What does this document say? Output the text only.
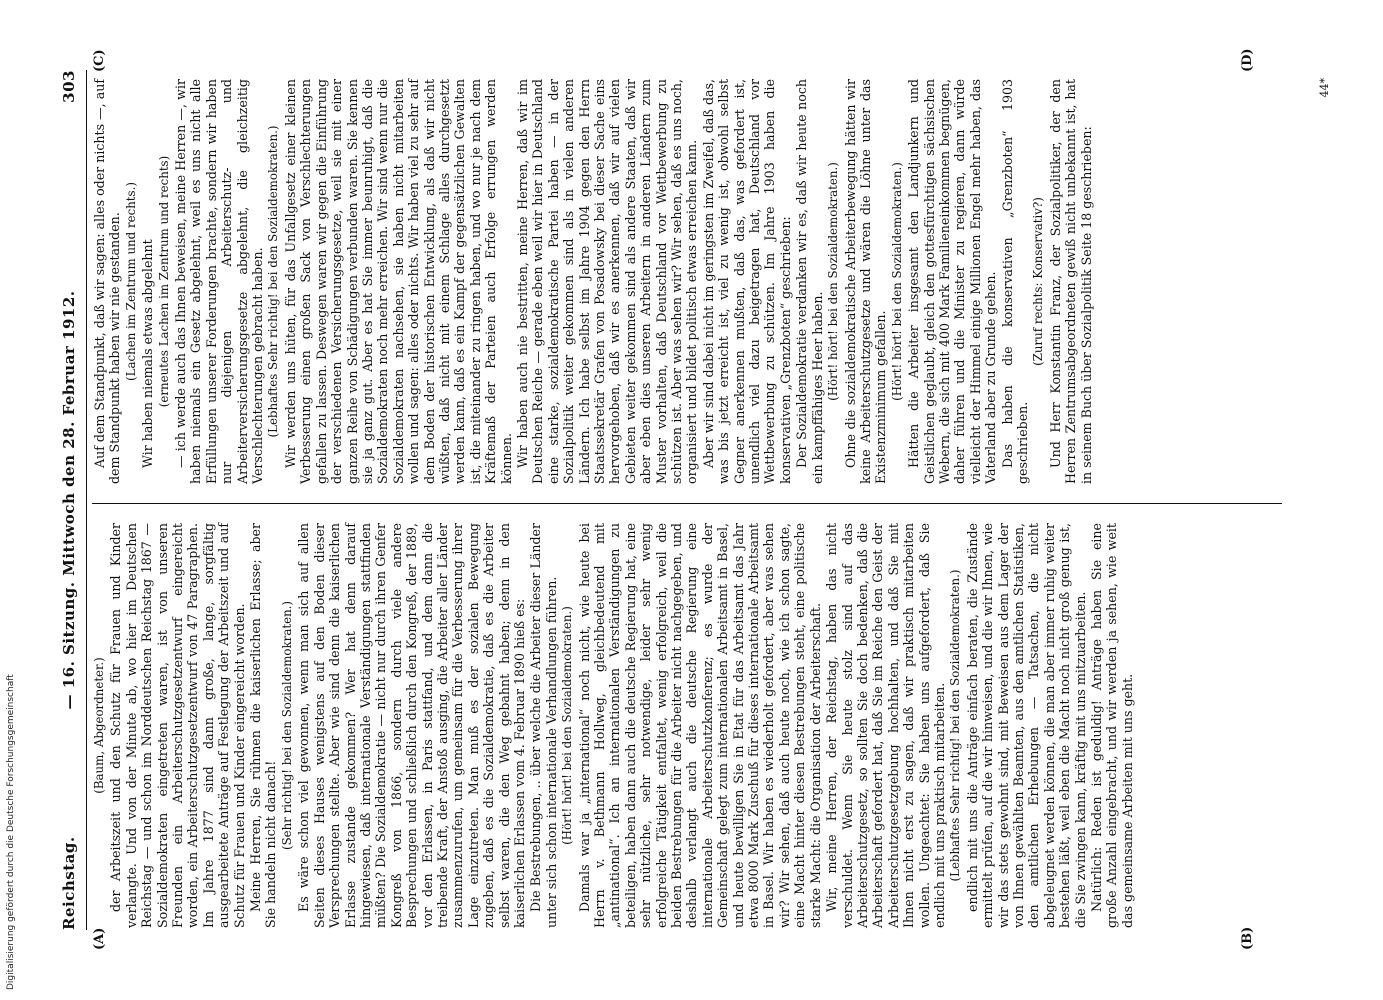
Reichstag.
— 16. Sitzung. Mittwoch den 28. Februar 1912.
303
(A)	(B)
(C)	(D)

(Baum, Abgeordneter.) der Arbeitszeit und den Schutz für Frauen und Kinder verlangte. Und von der Minute ab, wo hier im Deutschen Reichstag — und schon im Norddeutschen Reichstag 1867 — Sozialdemokraten eingetreten waren, ist von unseren Freunden ein Arbeiterschutzgesetzentwurf eingereicht worden, ein Arbeiterschutzgesetzentwurf von 47 Paragraphen. Im Jahre 1877 sind dann große, lange, sorgfältig ausgearbeitete Anträge auf Festlegung der Arbeitszeit und auf Schutz für Frauen und Kinder eingereicht worden. Meine Herren, Sie rühmen die kaiserlichen Erlasse; aber Sie handeln nicht danach! (Sehr richtig! bei den Sozialdemokraten.) Es wäre schon viel gewonnen, wenn man sich auf allen Seiten dieses Hauses wenigstens auf den Boden dieser Versprechungen stellte. Aber wie sind denn die kaiserlichen Erlasse zustande gekommen? Wer hat denn darauf hingewiesen, daß internationale Verständigungen stattfinden müßten? Die Sozialdemokratie — nicht nur durch ihren Genfer Kongreß von 1866, sondern durch viele andere Besprechungen und schließlich durch den Kongreß, der 1889, vor den Erlassen, in Paris stattfand, und dem dann die treibende Kraft, der Anstoß ausging, die Arbeiter aller Länder zusammenzurufen, um gemeinsam für die Verbesserung ihrer Lage einzutreten. Man muß es der sozialen Bewegung zugeben, daß es die Sozialdemokratie, daß es die Arbeiter selbst waren, die den Weg gebahnt haben; denn in den kaiserlichen Erlassen vom 4. Februar 1890 hieß es: Die Bestrebungen, .. über welche die Arbeiter dieser Länder unter sich schon internationale Verhandlungen führen. (Hört! hört! bei den Sozialdemokraten.) Damals war ja „international“ noch nicht, wie heute bei Herrn v. Bethmann Hollweg, gleichbedeutend mit „antinational“. Ich an internationalen Verständigungen zu beteiligen, haben dann auch die deutsche Regierung hat, eine sehr nützliche, sehr notwendige, leider sehr wenig erfolgreiche Tätigkeit entfaltet, wenig erfolgreich, weil die beiden Bestrebungen für die Arbeiter nicht nachgegeben, und deshalb verlangt auch die deutsche Regierung eine internationale Arbeiterschutzkonferenz; es wurde der Gemeinschaft gelegt zum internationalen Arbeitsamt in Basel, und heute bewilligen Sie in Etat für das Arbeitsamt das Jahr etwa 8000 Mark Zuschuß für dieses internationale Arbeitsamt in Basel. Wir haben es wiederholt gefordert, aber was sehen wir? Wir sehen, daß auch heute noch, wie ich schon sagte, eine Macht hinter diesen Bestrebungen steht, eine politische starke Macht: die Organisation der Arbeiterschaft. Wir, meine Herren, der Reichstag, haben das nicht verschuldet. Wenn Sie heute stolz sind auf das Arbeiterschutzgesetz, so sollten Sie doch bedenken, daß die Arbeiterschaft gefordert hat, daß Sie im Reiche den Geist der Arbeiterschutzgesetzgebung hochhalten, und daß Sie mit Ihnen nicht erst zu sagen, daß wir praktisch mitarbeiten wollen. Ungeachtet: Sie haben uns aufgefordert, daß Sie endlich mit uns praktisch mitarbeiten. (Lebhaftes Sehr richtig! bei den Sozialdemokraten.) endlich mit uns die Anträge einfach beraten, die Zustände ermittelt prüfen, auf die wir hinweisen, und die wir Ihnen, wie wir das stets gewohnt sind, mit Beweisen aus dem Lager der von Ihnen gewählten Beamten, aus den amtlichen Statistiken, den amtlichen Erhebungen — Tatsachen, die nicht abgeleugnet werden können, die man aber immer ruhig weiter bestehen läßt, weil eben die Macht noch nicht groß genug ist, die Sie zwingen kann, kräftig mit uns mitzuarbeiten. Natürlich: Reden ist geduldig! Anträge haben Sie eine große Anzahl eingebracht, und wir werden ja sehen, wie weit das gemeinsame Arbeiten mit uns geht.

Auf dem Standpunkt, daß wir sagen: alles oder nichts —, auf dem Standpunkt haben wir nie gestanden. (Lachen im Zentrum und rechts.) Wir haben niemals etwas abgelehnt (erneutes Lachen im Zentrum und rechts) — ich werde auch das Ihnen beweisen, meine Herren —, wir haben niemals ein Gesetz abgelehnt, weil es uns nicht alle Erfüllungen unserer Forderungen brachte, sondern wir haben nur diejenigen Arbeiterschutz- und Arbeiterversicherungsgesetze abgelehnt, die gleichzeitig Verschlechterungen gebracht haben. (Lebhaftes Sehr richtig! bei den Sozialdemokraten.) Wir werden uns hüten, für das Unfallgesetz einer kleinen Verbesserung einen großen Sack von Verschlechterungen gefallen zu lassen. Deswegen waren wir gegen die Einführung der verschiedenen Versicherungsgesetze, weil sie mit einer ganzen Reihe von Schädigungen verbunden waren. Sie kennen sie ja ganz gut. Aber es hat Sie immer beunruhigt, daß die Sozialdemokraten noch mehr erreichen. Wir sind wenn nur die Sozialdemokraten nachsehen, sie haben nicht mitarbeiten wollen und sagen: alles oder nichts. Wir haben viel zu sehr auf dem Boden der historischen Entwicklung, als daß wir nicht wüßten, daß nicht mit einem Schlage alles durchgesetzt werden kann, daß es ein Kampf der gegensätzlichen Gewalten ist, die miteinander zu ringen haben, und wo nur je nach dem Kräftemaß der Parteien auch Erfolge errungen werden können. Wir haben auch nie bestritten, meine Herren, daß wir im Deutschen Reiche — gerade eben weil wir hier in Deutschland eine starke, sozialdemokratische Partei haben — in der Sozialpolitik weiter gekommen sind als in vielen anderen Ländern. Ich habe selbst im Jahre 1904 gegen den Herrn Staatssekretär Grafen von Posadowsky bei dieser Sache eins hervorgehoben, daß wir es anerkennen, daß wir auf vielen Gebieten weiter gekommen sind als andere Staaten, daß wir aber eben dies unseren Arbeitern in anderen Ländern zum Muster vorhalten, daß Deutschland vor Wettbewerbung zu schützen ist. Aber was sehen wir? Wir sehen, daß es uns noch, organisiert und bildet politisch etwas erreichen kann. Aber wir sind dabei nicht im geringsten im Zweifel, daß das, was bis jetzt erreicht ist, viel zu wenig ist, obwohl selbst Gegner anerkennen mußten, daß das, was gefordert ist, unendlich viel dazu beigetragen hat, Deutschland vor Wettbewerbung zu schützen. Im Jahre 1903 haben die konservativen „Grenzboten“ geschrieben: Der Sozialdemokratie verdanken wir es, daß wir heute noch ein kampffähiges Heer haben. (Hört! hört! bei den Sozialdemokraten.) Ohne die sozialdemokratische Arbeiterbewegung hätten wir keine Arbeiterschutzgesetze und wären die Löhne unter das Existenzminimum gefallen. (Hört! hört! bei den Sozialdemokraten.) Hätten die Arbeiter insgesamt den Landjunkern und Geistlichen geglaubt, gleich den gottesfürchtigen sächsischen Webern, die sich mit 400 Mark Familieneinkommen begnügen, daher führen und die Minister zu regieren, dann würde vielleicht der Himmel einige Millionen Engel mehr haben, das Vaterland aber zu Grunde gehen. Das haben die konservativen „Grenzboten“ 1903 geschrieben.

(Zuruf rechts: Konservativ?) Und Herr Konstantin Franz, der Sozialpolitiker, der den Herren Zentrumsabgeordneten gewiß nicht unbekannt ist, hat in seinem Buch über Sozialpolitik Seite 18 geschrieben:

44*
Digitalisierung gefördert durch die Deutsche Forschungsgemeinschaft
